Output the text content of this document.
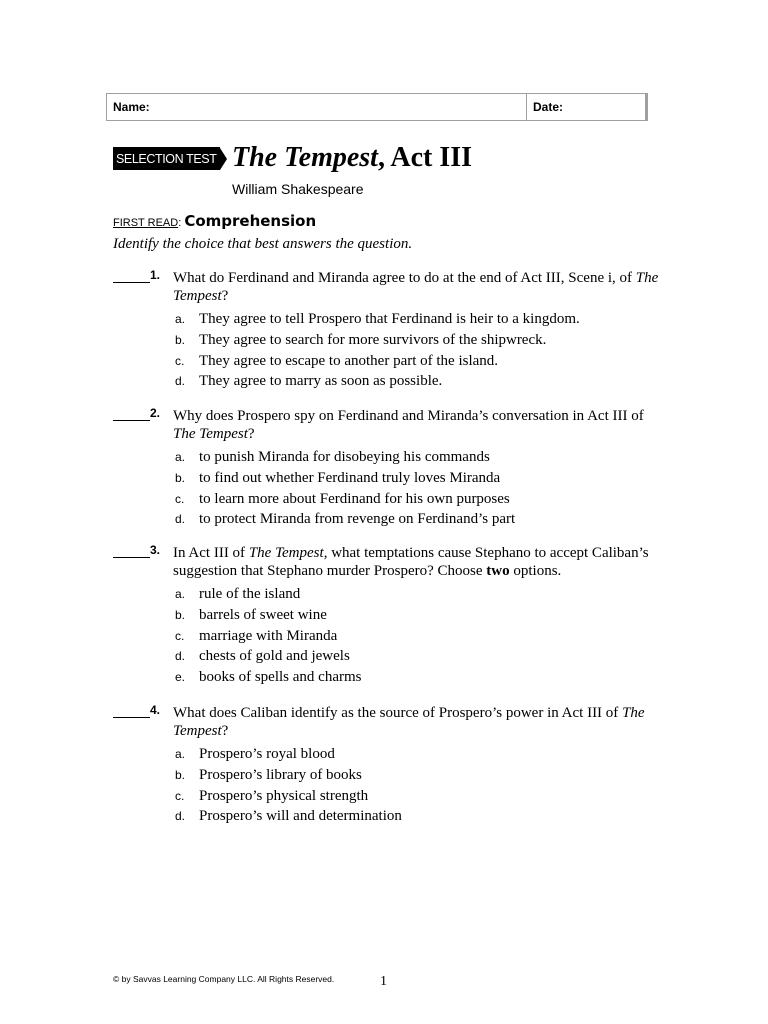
Name:	Date:
SELECTION TEST The Tempest, Act III
William Shakespeare
FIRST READ: Comprehension
Identify the choice that best answers the question.
1. What do Ferdinand and Miranda agree to do at the end of Act III, Scene i, of The Tempest?
a. They agree to tell Prospero that Ferdinand is heir to a kingdom.
b. They agree to search for more survivors of the shipwreck.
c. They agree to escape to another part of the island.
d. They agree to marry as soon as possible.
2. Why does Prospero spy on Ferdinand and Miranda’s conversation in Act III of The Tempest?
a. to punish Miranda for disobeying his commands
b. to find out whether Ferdinand truly loves Miranda
c. to learn more about Ferdinand for his own purposes
d. to protect Miranda from revenge on Ferdinand’s part
3. In Act III of The Tempest, what temptations cause Stephano to accept Caliban’s suggestion that Stephano murder Prospero? Choose two options.
a. rule of the island
b. barrels of sweet wine
c. marriage with Miranda
d. chests of gold and jewels
e. books of spells and charms
4. What does Caliban identify as the source of Prospero’s power in Act III of The Tempest?
a. Prospero’s royal blood
b. Prospero’s library of books
c. Prospero’s physical strength
d. Prospero’s will and determination
© by Savvas Learning Company LLC. All Rights Reserved.	1
